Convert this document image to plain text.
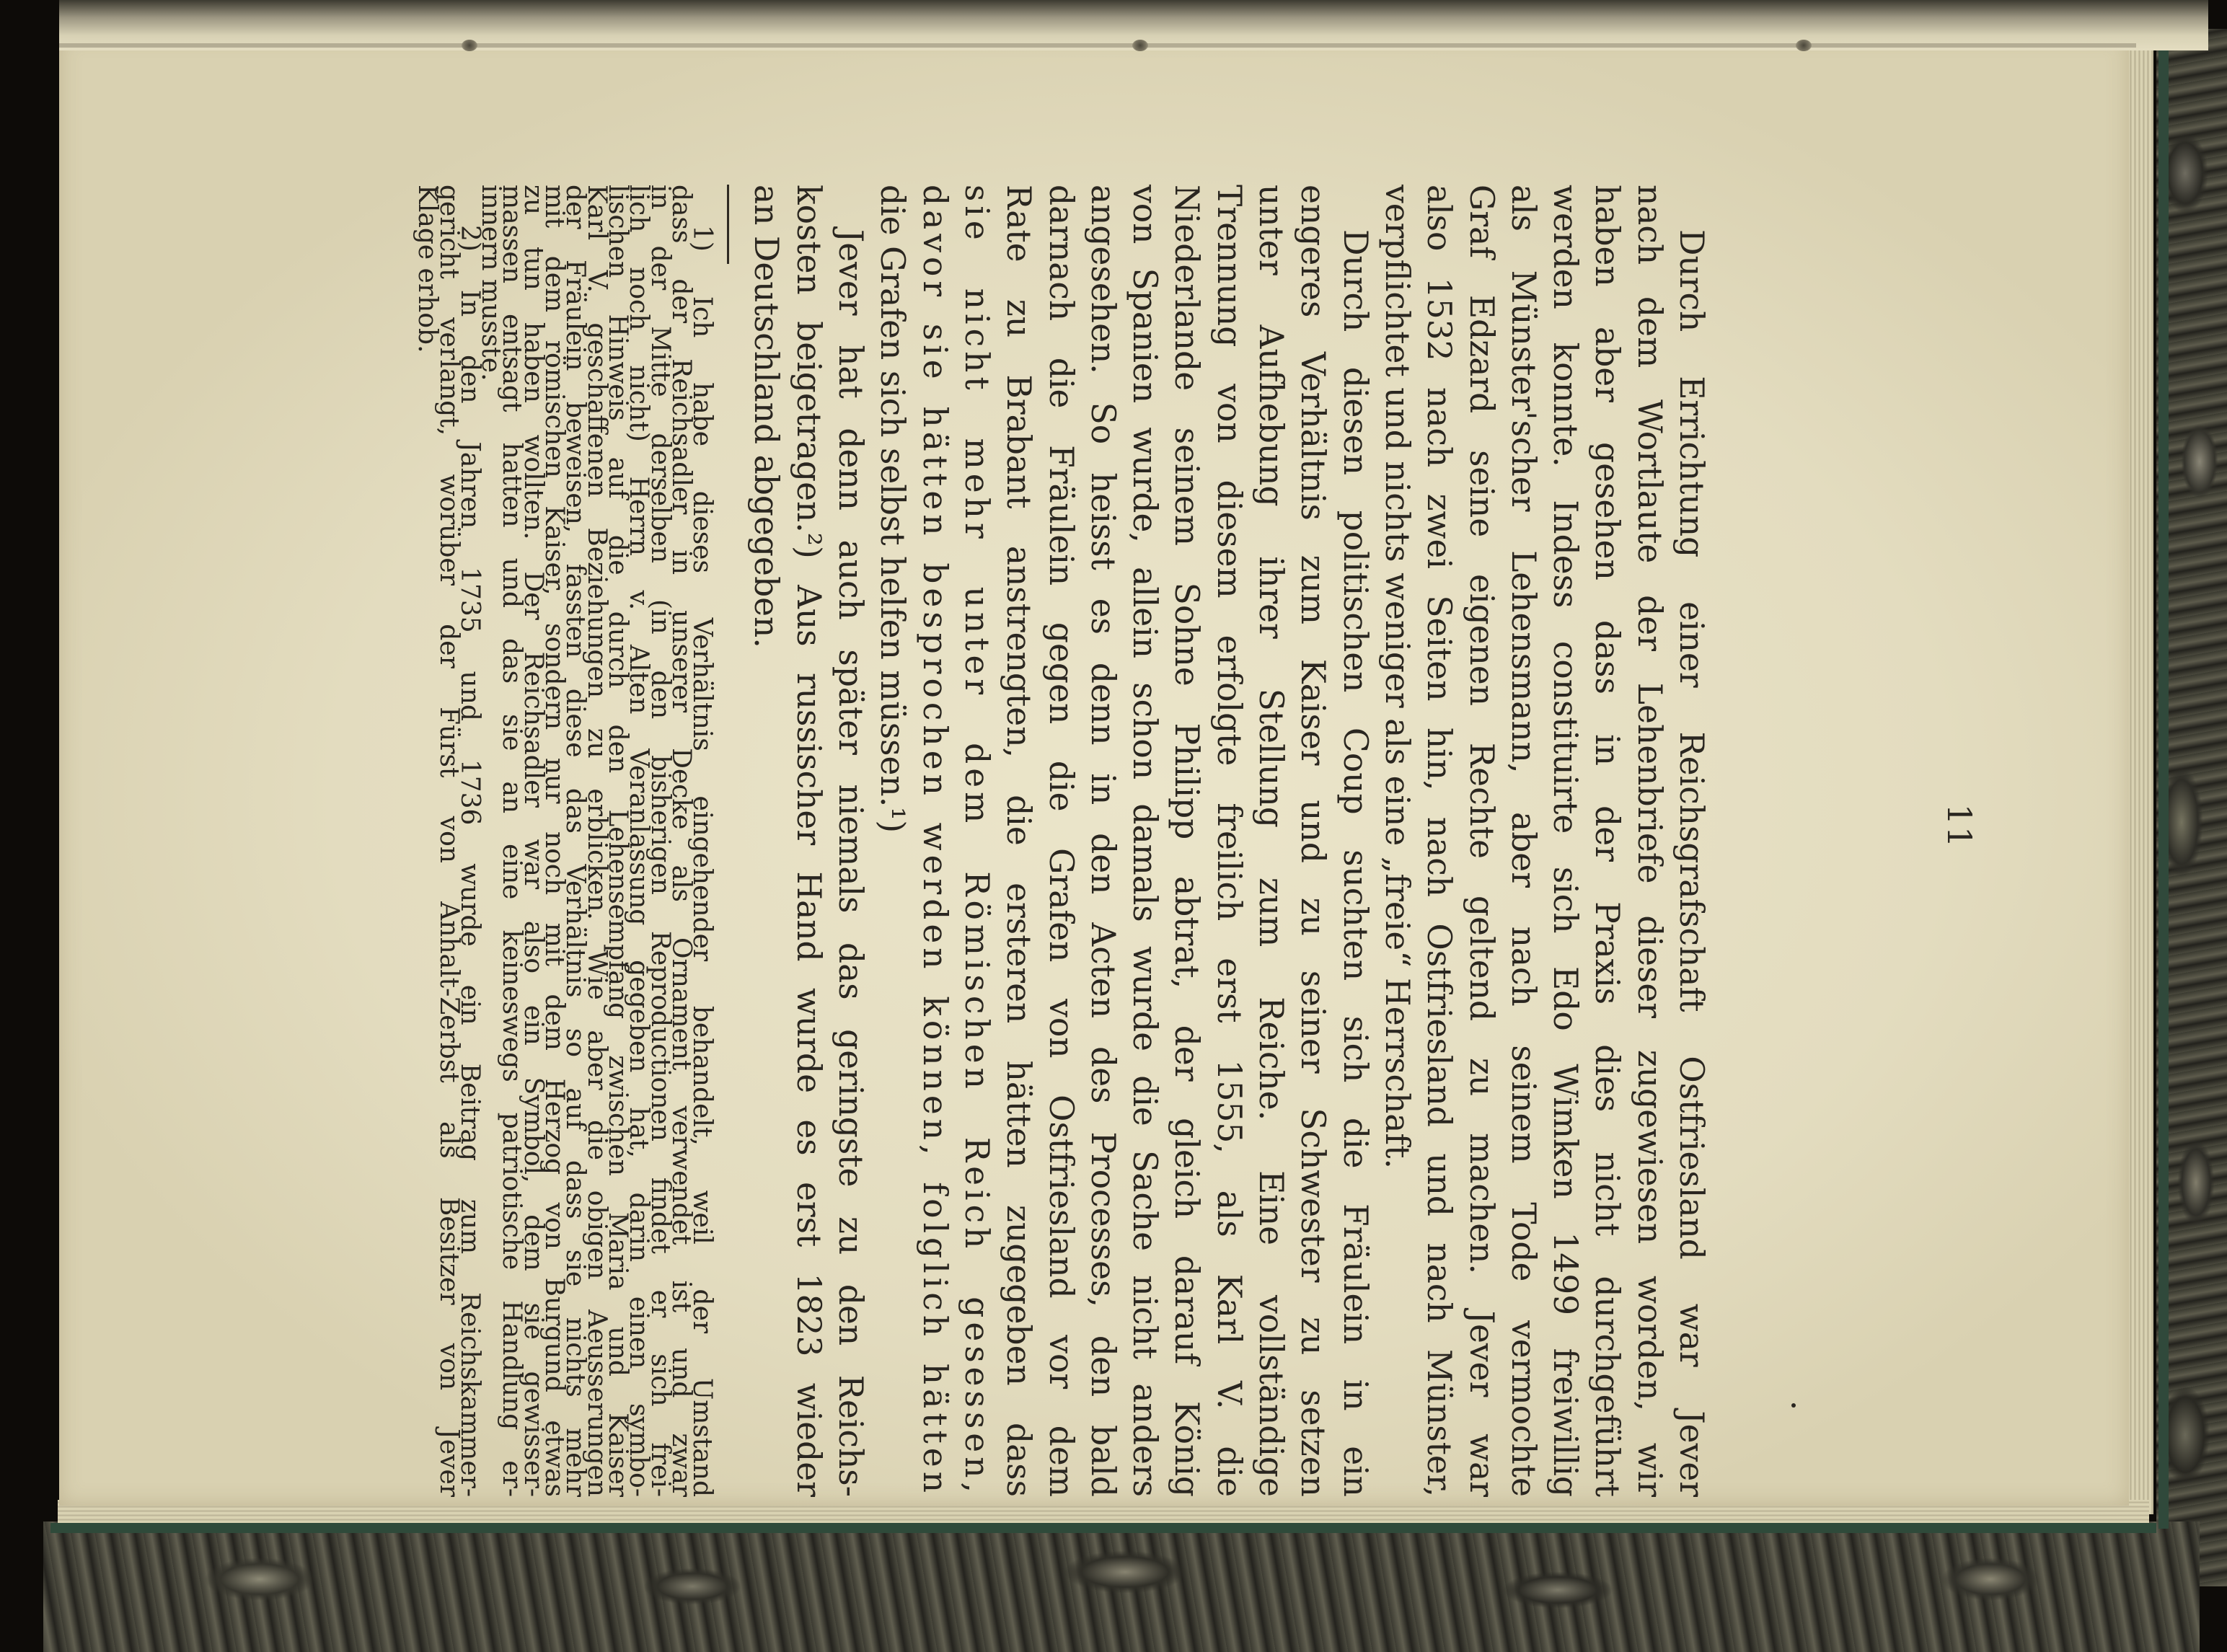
11

Durch Errichtung einer Reichsgrafschaft Ostfriesland war Jever
nach dem Wortlaute der Lehenbriefe dieser zugewiesen worden, wir
haben aber gesehen dass in der Praxis dies nicht durchgeführt
werden konnte. Indess constituirte sich Edo Wimken 1499 freiwillig
als Münster'scher Lehensmann, aber nach seinem Tode vermochte
Graf Edzard seine eigenen Rechte geltend zu machen. Jever war
also 1532 nach zwei Seiten hin, nach Ostfriesland und nach Münster,
verpflichtet und nichts weniger als eine „freie“ Herrschaft.

Durch diesen politischen Coup suchten sich die Fräulein in ein
engeres Verhältnis zum Kaiser und zu seiner Schwester zu setzen
unter Aufhebung ihrer Stellung zum Reiche. Eine vollständige
Trennung von diesem erfolgte freilich erst 1555, als Karl V. die
Niederlande seinem Sohne Philipp abtrat, der gleich darauf König
von Spanien wurde, allein schon damals wurde die Sache nicht anders
angesehen. So heisst es denn in den Acten des Processes, den bald
darnach die Fräulein gegen die Grafen von Ostfriesland vor dem
Rate zu Brabant anstrengten, die ersteren hätten zugegeben dass
sie nicht mehr unter dem Römischen Reich gesessen,
davor sie hätten besprochen werden können, folglich hätten
die Grafen sich selbst helfen müssen.¹)

Jever hat denn auch später niemals das geringste zu den Reichs-
kosten beigetragen.²) Aus russischer Hand wurde es erst 1823 wieder
an Deutschland abgegeben.

1) Ich habe dieses Verhältnis eingehender behandelt, weil der Umstand
dass der Reichsadler in unserer Decke als Ornament verwendet ist und zwar
in der Mitte derselben (in den bisherigen Reproductionen findet er sich frei-
lich noch nicht) Herrn v. Alten Veranlassung gegeben hat, darin einen symbo-
lischen Hinweis auf die durch den Lehensempfang zwischen Maria und Kaiser
Karl V. geschaffenen Beziehungen zu erblicken. Wie aber die obigen Aeusserungen
der Fräulein beweisen, fassten diese das Verhältnis so auf dass sie nichts mehr
mit dem römischen Kaiser, sondern nur noch mit dem Herzog von Burgund etwas
zu tun haben wollten. Der Reichsadler war also ein Symbol, dem sie gewisser-
massen entsagt hatten und das sie an eine keineswegs patriotische Handlung er-
innern musste.

2) In den Jahren 1735 und 1736 wurde ein Beitrag zum Reichskammer-
gericht verlangt, worüber der Fürst von Anhalt-Zerbst als Besitzer von Jever
Klage erhob.
